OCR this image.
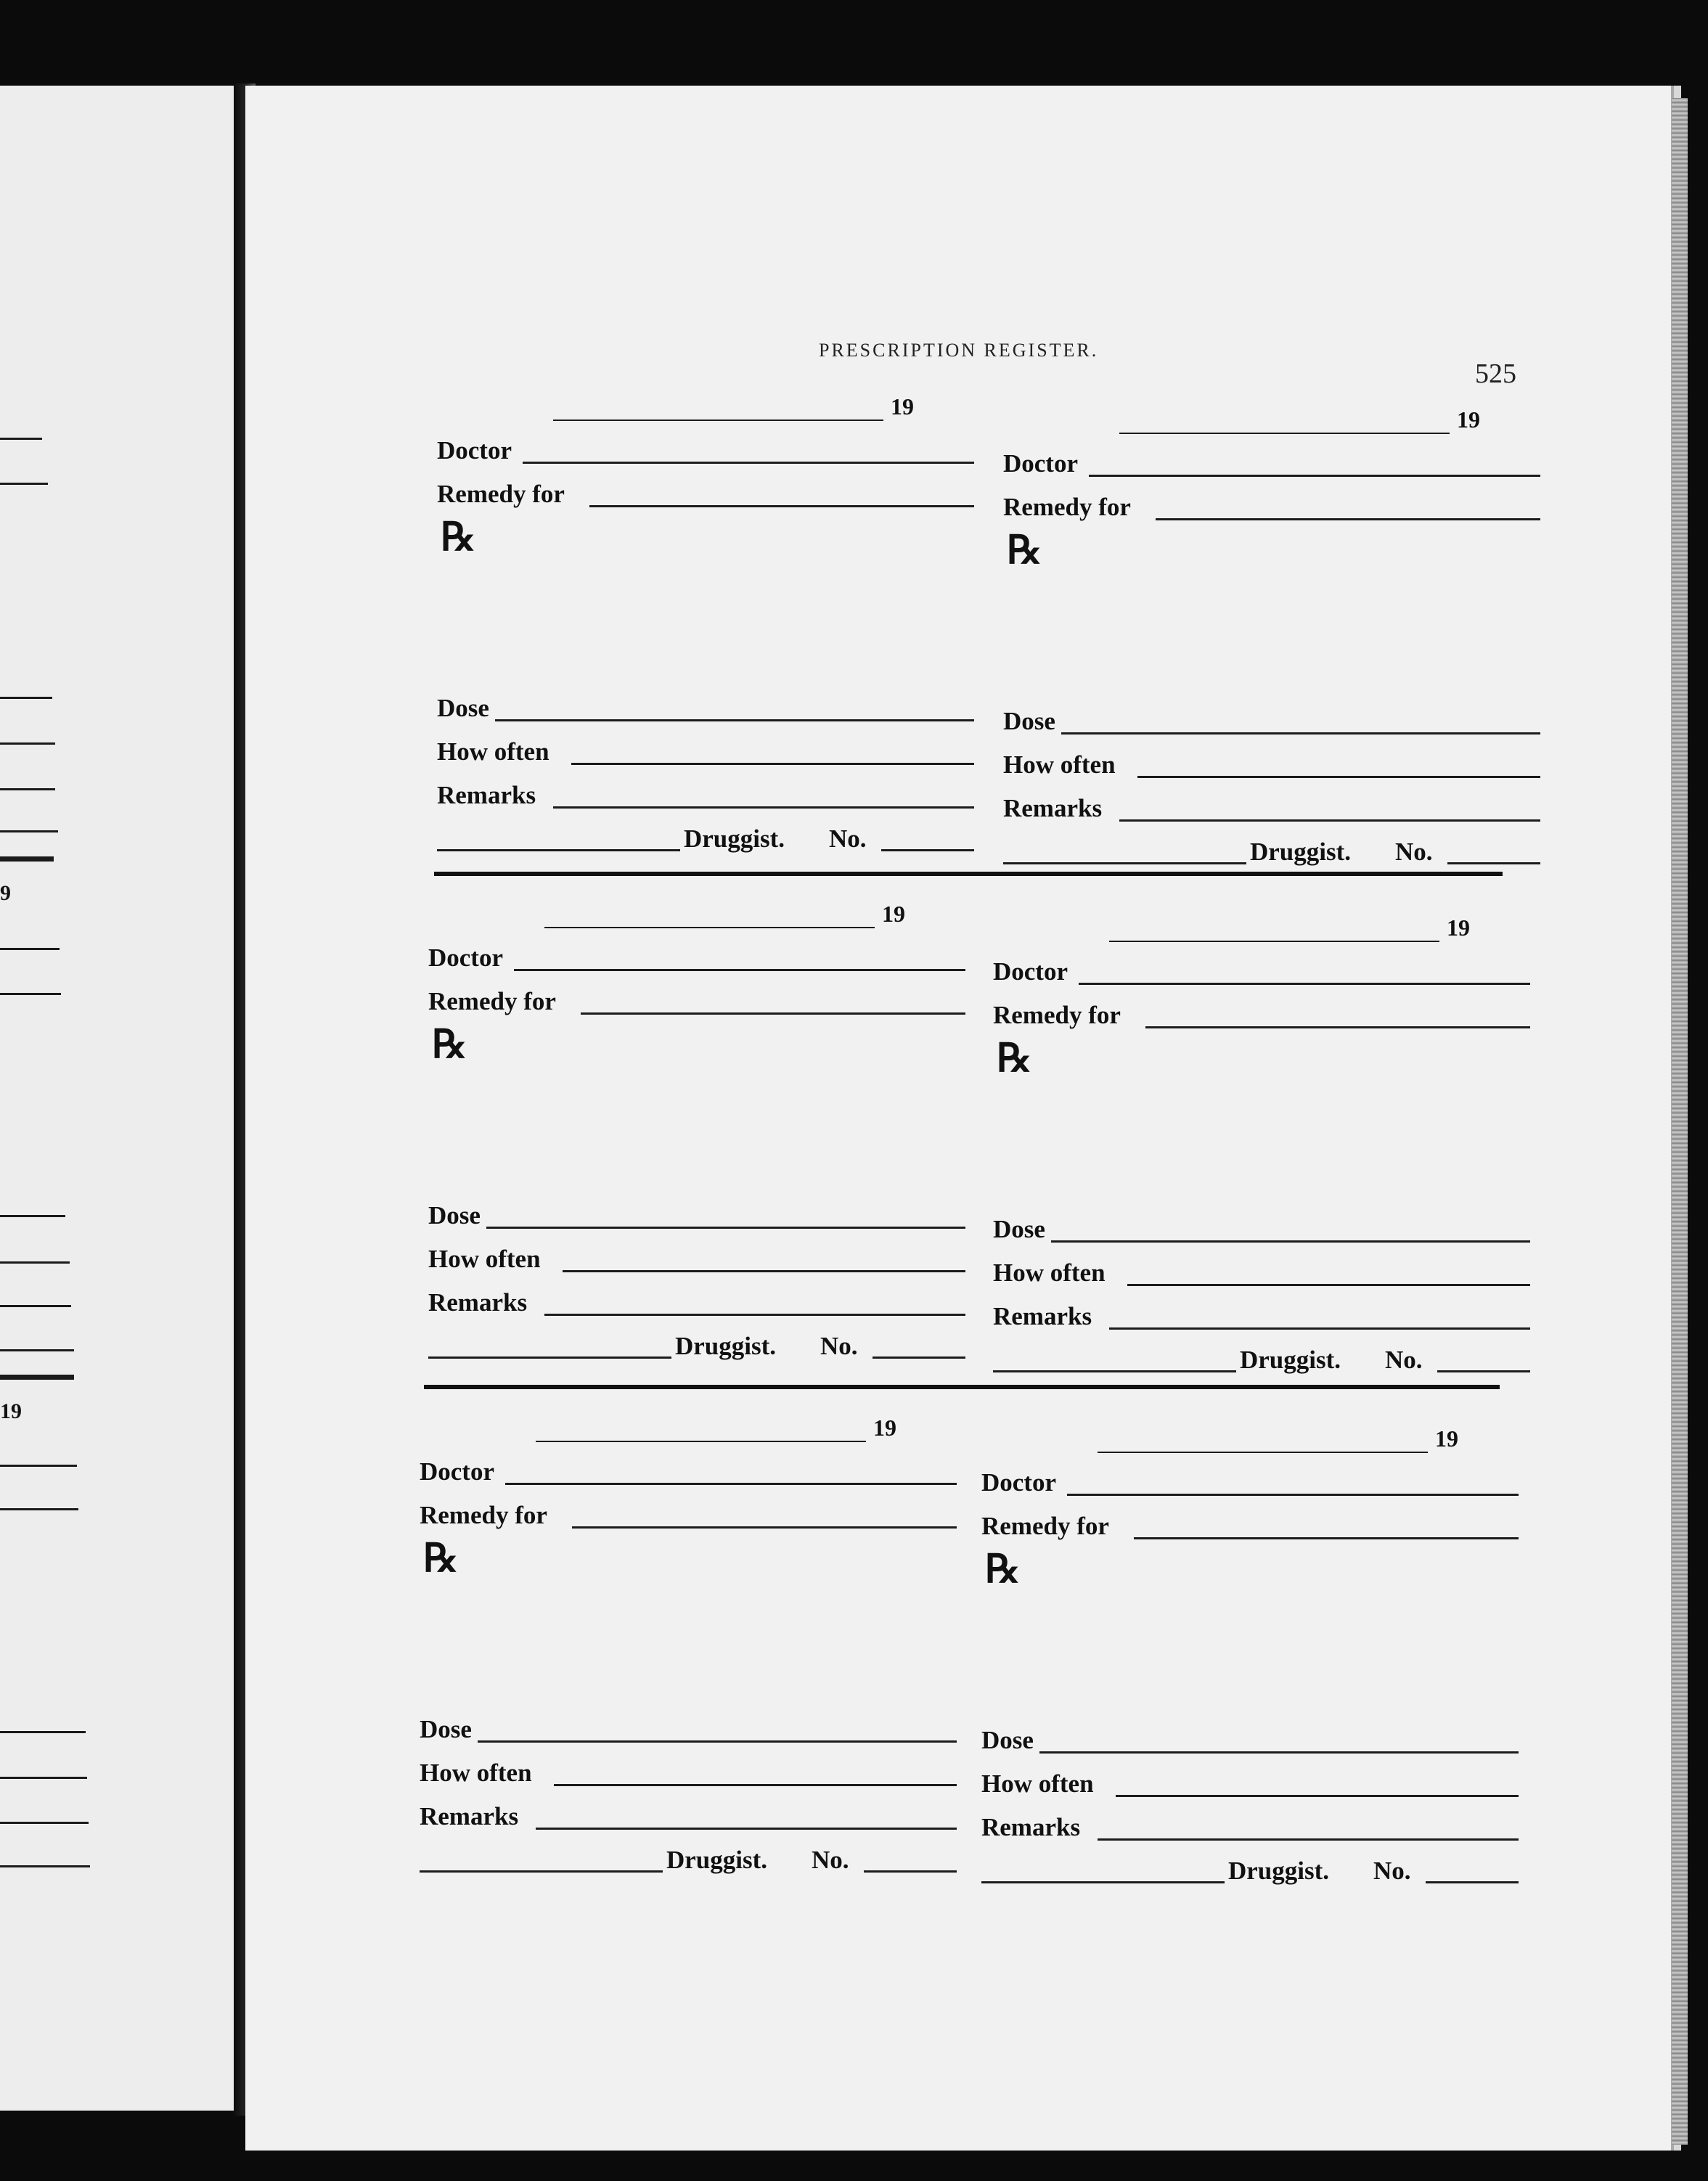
9
19
PRESCRIPTION REGISTER.
525
19
Doctor
Remedy for
℞
Dose
How often
Remarks
Druggist. No.
19
Doctor
Remedy for
℞
Dose
How often
Remarks
Druggist. No.
19
Doctor
Remedy for
℞
Dose
How often
Remarks
Druggist. No.
19
Doctor
Remedy for
℞
Dose
How often
Remarks
Druggist. No.
19
Doctor
Remedy for
℞
Dose
How often
Remarks
Druggist. No.
19
Doctor
Remedy for
℞
Dose
How often
Remarks
Druggist. No.
